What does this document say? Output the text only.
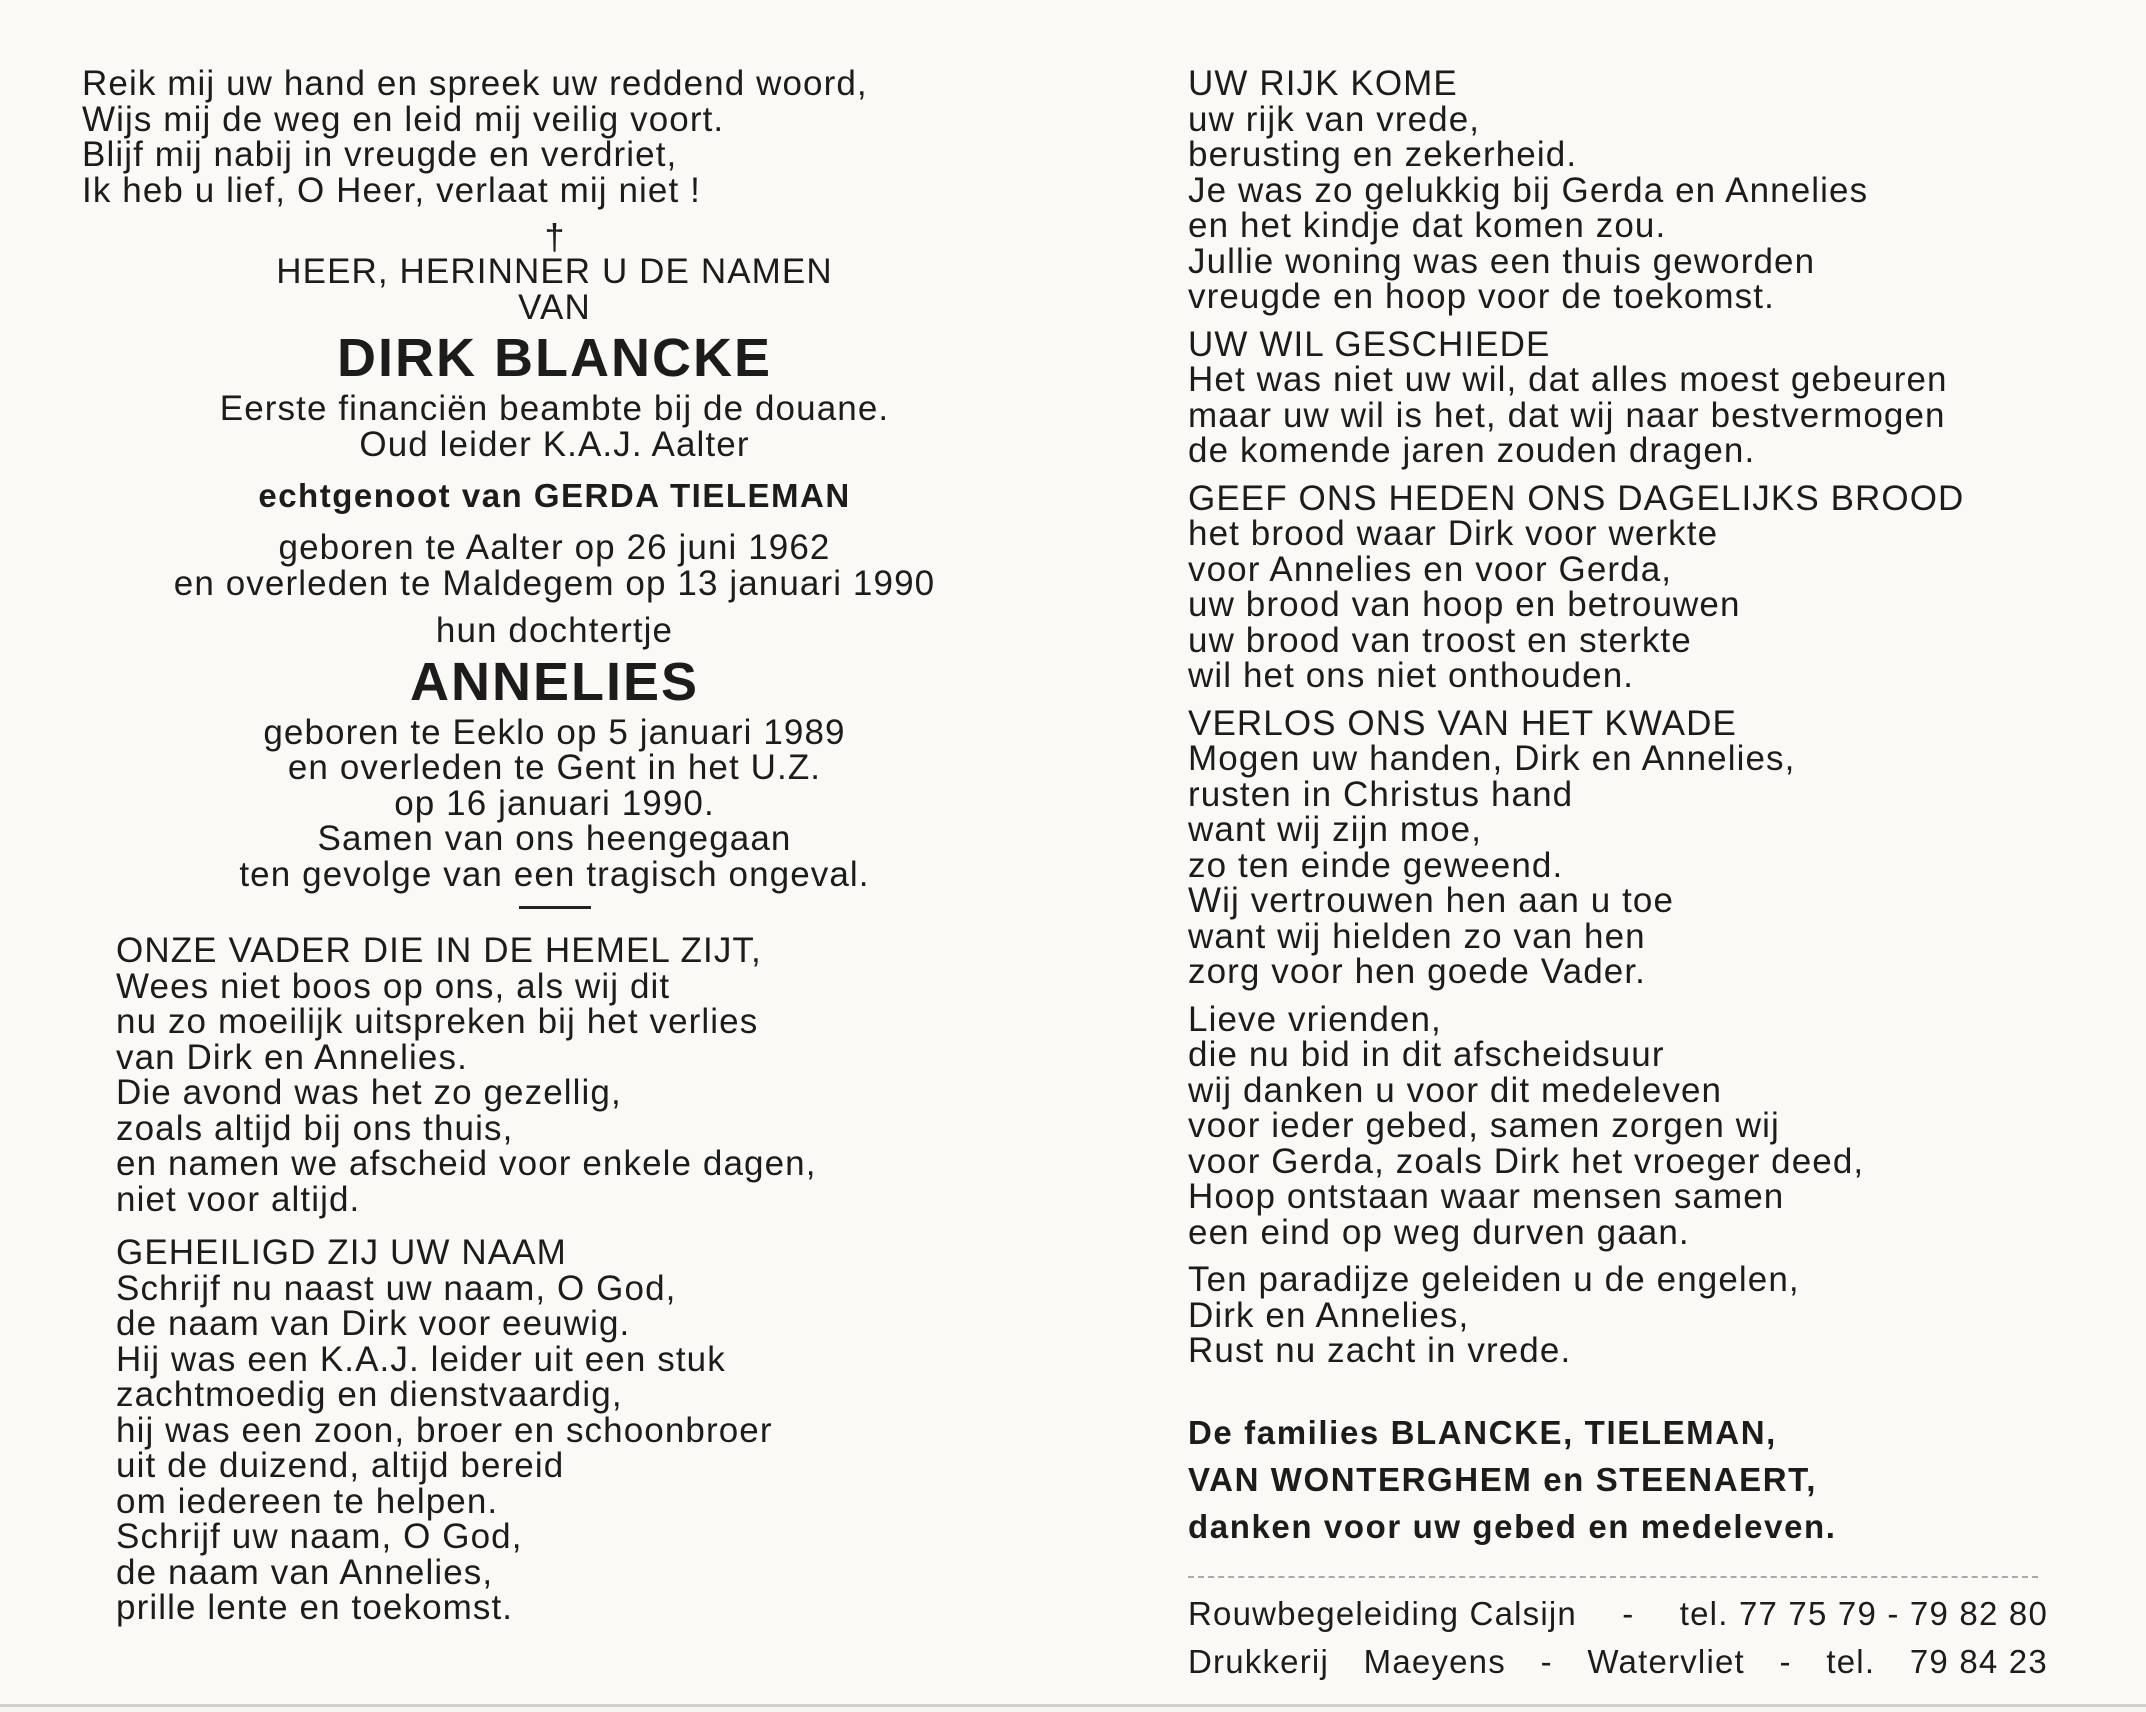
Reik mij uw hand en spreek uw reddend woord,
Wijs mij de weg en leid mij veilig voort.
Blijf mij nabij in vreugde en verdriet,
Ik heb u lief, O Heer, verlaat mij niet !
†
HEER, HERINNER U DE NAMEN
VAN
DIRK BLANCKE
Eerste financiën beambte bij de douane.
Oud leider K.A.J. Aalter
echtgenoot van GERDA TIELEMAN
geboren te Aalter op 26 juni 1962
en overleden te Maldegem op 13 januari 1990
hun dochtertje
ANNELIES
geboren te Eeklo op 5 januari 1989
en overleden te Gent in het U.Z.
op 16 januari 1990.
Samen van ons heengegaan
ten gevolge van een tragisch ongeval.
ONZE VADER DIE IN DE HEMEL ZIJT,
Wees niet boos op ons, als wij dit
nu zo moeilijk uitspreken bij het verlies
van Dirk en Annelies.
Die avond was het zo gezellig,
zoals altijd bij ons thuis,
en namen we afscheid voor enkele dagen,
niet voor altijd.
GEHEILIGD ZIJ UW NAAM
Schrijf nu naast uw naam, O God,
de naam van Dirk voor eeuwig.
Hij was een K.A.J. leider uit een stuk
zachtmoedig en dienstvaardig,
hij was een zoon, broer en schoonbroer
uit de duizend, altijd bereid
om iedereen te helpen.
Schrijf uw naam, O God,
de naam van Annelies,
prille lente en toekomst.
UW RIJK KOME
uw rijk van vrede,
berusting en zekerheid.
Je was zo gelukkig bij Gerda en Annelies
en het kindje dat komen zou.
Jullie woning was een thuis geworden
vreugde en hoop voor de toekomst.
UW WIL GESCHIEDE
Het was niet uw wil, dat alles moest gebeuren
maar uw wil is het, dat wij naar bestvermogen
de komende jaren zouden dragen.
GEEF ONS HEDEN ONS DAGELIJKS BROOD
het brood waar Dirk voor werkte
voor Annelies en voor Gerda,
uw brood van hoop en betrouwen
uw brood van troost en sterkte
wil het ons niet onthouden.
VERLOS ONS VAN HET KWADE
Mogen uw handen, Dirk en Annelies,
rusten in Christus hand
want wij zijn moe,
zo ten einde geweend.
Wij vertrouwen hen aan u toe
want wij hielden zo van hen
zorg voor hen goede Vader.
Lieve vrienden,
die nu bid in dit afscheidsuur
wij danken u voor dit medeleven
voor ieder gebed, samen zorgen wij
voor Gerda, zoals Dirk het vroeger deed,
Hoop ontstaan waar mensen samen
een eind op weg durven gaan.
Ten paradijze geleiden u de engelen,
Dirk en Annelies,
Rust nu zacht in vrede.
De families BLANCKE, TIELEMAN,
VAN WONTERGHEM en STEENAERT,
danken voor uw gebed en medeleven.
Rouwbegeleiding Calsijn - tel. 77 75 79 - 79 82 80
Drukkerij Maeyens - Watervliet - tel. 79 84 23
